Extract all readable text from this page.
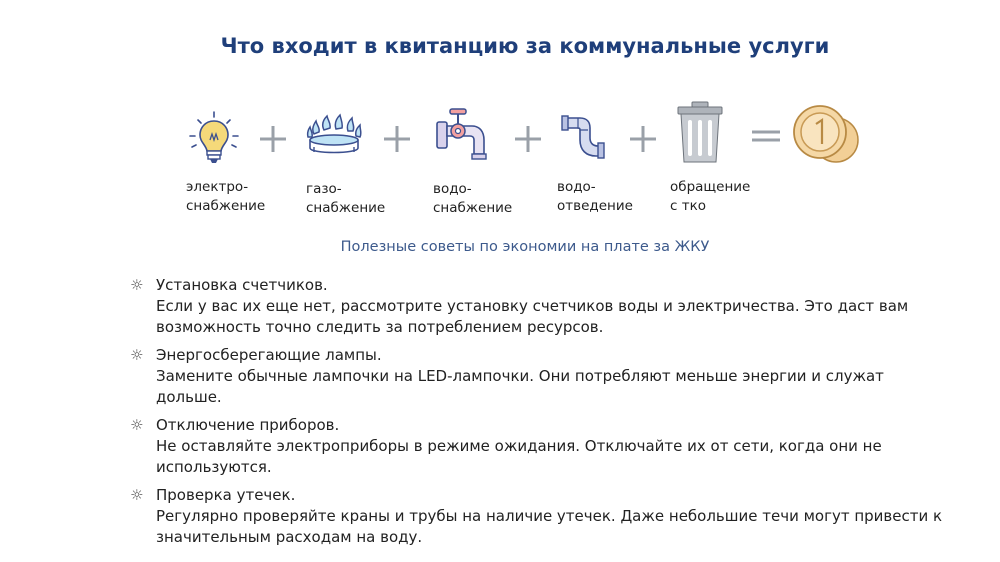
Что входит в квитанцию за коммунальные услуги
электро-
снабжение
газо-
снабжение
водо-
снабжение
водо-
отведение
обращение
с тко
Полезные советы по экономии на плате за ЖКУ
☼ Установка счетчиков.
Если у вас их еще нет, рассмотрите установку счетчиков воды и электричества. Это даст вам возможность точно следить за потреблением ресурсов.
☼ Энергосберегающие лампы.
Замените обычные лампочки на LED-лампочки. Они потребляют меньше энергии и служат дольше.
☼ Отключение приборов.
Не оставляйте электроприборы в режиме ожидания. Отключайте их от сети, когда они не используются.
☼ Проверка утечек.
Регулярно проверяйте краны и трубы на наличие утечек. Даже небольшие течи могут привести к значительным расходам на воду.
